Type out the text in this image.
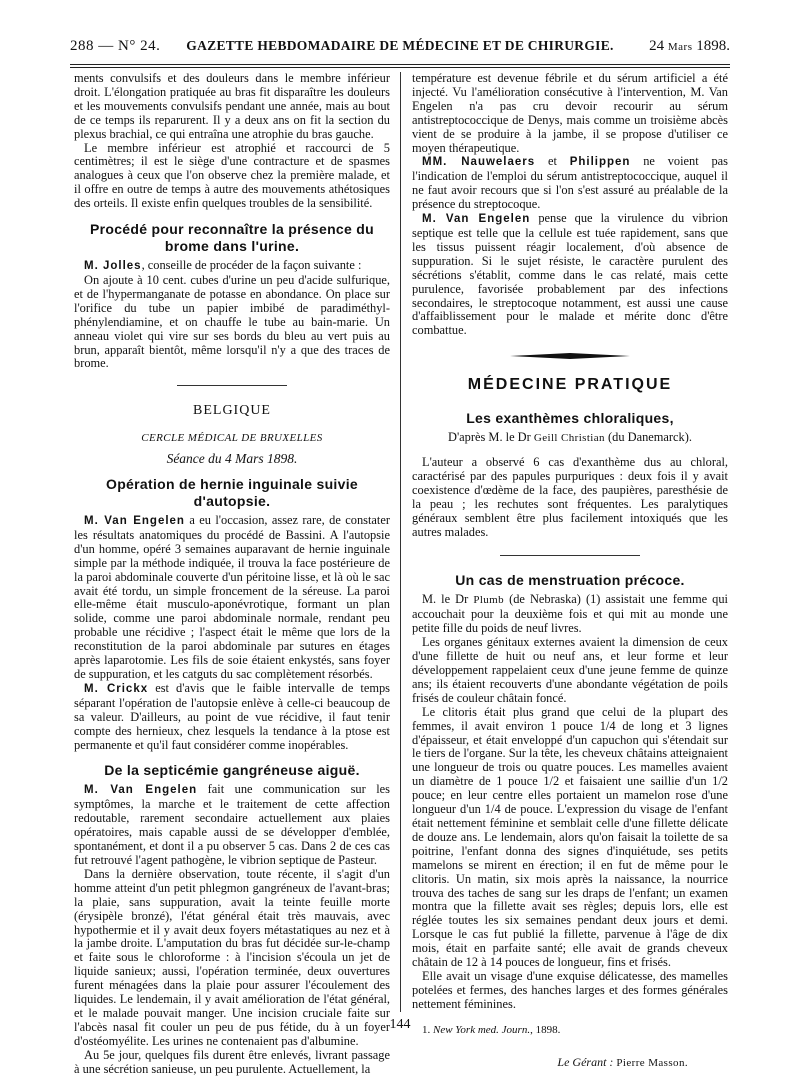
288 — N° 24.	GAZETTE HEBDOMADAIRE DE MÉDECINE ET DE CHIRURGIE.	24 Mars 1898.

ments convulsifs et des douleurs dans le membre inférieur droit. L'élongation pratiquée au bras fit disparaître les douleurs et les mouvements convulsifs pendant une année, mais au bout de ce temps ils reparurent. Il y a deux ans on fit la section du plexus brachial, ce qui entraîna une atrophie du bras gauche.

Le membre inférieur est atrophié et raccourci de 5 centimètres; il est le siège d'une contracture et de spasmes analogues à ceux que l'on observe chez la première malade, et il offre en outre de temps à autre des mouvements athétosiques des orteils. Il existe enfin quelques troubles de la sensibilité.

Procédé pour reconnaître la présence du brome dans l'urine.

M. Jolles, conseille de procéder de la façon suivante :

On ajoute à 10 cent. cubes d'urine un peu d'acide sulfurique, et de l'hypermanganate de potasse en abondance. On place sur l'orifice du tube un papier imbibé de paradiméthyl-phénylendiamine, et on chauffe le tube au bain-marie. Un anneau violet qui vire sur ses bords du bleu au vert puis au brun, apparaît bientôt, même lorsqu'il n'y a que des traces de brome.

BELGIQUE
CERCLE MÉDICAL DE BRUXELLES
Séance du 4 Mars 1898.
Opération de hernie inguinale suivie d'autopsie.

M. Van Engelen a eu l'occasion, assez rare, de constater les résultats anatomiques du procédé de Bassini. A l'autopsie d'un homme, opéré 3 semaines auparavant de hernie inguinale simple par la méthode indiquée, il trouva la face postérieure de la paroi abdominale couverte d'un péritoine lisse, et là où le sac avait été tordu, un simple froncement de la séreuse. La paroi elle-même était musculo-aponévrotique, formant un plan solide, comme une paroi abdominale normale, rendant peu probable une récidive ; l'aspect était le même que lors de la reconstitution de la paroi abdominale par sutures en étages après laparotomie. Les fils de soie étaient enkystés, sans foyer de suppuration, et les catguts du sac complètement résorbés.

M. Crickx est d'avis que le faible intervalle de temps séparant l'opération de l'autopsie enlève à celle-ci beaucoup de sa valeur. D'ailleurs, au point de vue récidive, il faut tenir compte des hernieux, chez lesquels la tendance à la ptose est permanente et qu'il faut considérer comme inopérables.

De la septicémie gangréneuse aiguë.

M. Van Engelen fait une communication sur les symptômes, la marche et le traitement de cette affection redoutable, rarement secondaire actuellement aux plaies opératoires, mais capable aussi de se développer d'emblée, spontanément, et dont il a pu observer 5 cas. Dans 2 de ces cas fut retrouvé l'agent pathogène, le vibrion septique de Pasteur.

Dans la dernière observation, toute récente, il s'agit d'un homme atteint d'un petit phlegmon gangréneux de l'avant-bras; la plaie, sans suppuration, avait la teinte feuille morte (érysipèle bronzé), l'état général était très mauvais, avec hypothermie et il y avait deux foyers métastatiques au nez et à la jambe droite. L'amputation du bras fut décidée sur-le-champ et faite sous le chloroforme : à l'incision s'écoula un jet de liquide sanieux; aussi, l'opération terminée, deux ouvertures furent ménagées dans la plaie pour assurer l'écoulement des liquides. Le lendemain, il y avait amélioration de l'état général, et le malade pouvait manger. Une incision cruciale faite sur l'abcès nasal fit couler un peu de pus fétide, du à un foyer d'ostéomyélite. Les urines ne contenaient pas d'albumine.

Au 5e jour, quelques fils durent être enlevés, livrant passage à une sécrétion sanieuse, un peu purulente. Actuellement, la

température est devenue fébrile et du sérum artificiel a été injecté. Vu l'amélioration consécutive à l'intervention, M. Van Engelen n'a pas cru devoir recourir au sérum antistreptococcique de Denys, mais comme un troisième abcès vient de se produire à la jambe, il se propose d'utiliser ce moyen thérapeutique.

MM. Nauwelaers et Philippen ne voient pas l'indication de l'emploi du sérum antistreptococcique, auquel il ne faut avoir recours que si l'on s'est assuré au préalable de la présence du streptocoque.

M. Van Engelen pense que la virulence du vibrion septique est telle que la cellule est tuée rapidement, sans que les tissus puissent réagir localement, d'où absence de suppuration. Si le sujet résiste, le caractère purulent des sécrétions s'établit, comme dans le cas relaté, mais cette purulence, favorisée probablement par des infections secondaires, le streptocoque notamment, est aussi une cause d'affaiblissement pour le malade et mérite donc d'être combattue.

MÉDECINE PRATIQUE
Les exanthèmes chloraliques,
D'après M. le Dr Geill Christian (du Danemarck).

L'auteur a observé 6 cas d'exanthème dus au chloral, caractérisé par des papules purpuriques : deux fois il y avait coexistence d'œdème de la face, des paupières, paresthésie de la peau ; les rechutes sont fréquentes. Les paralytiques généraux semblent être plus facilement intoxiqués que les autres malades.

Un cas de menstruation précoce.

M. le Dr Plumb (de Nebraska) (1) assistait une femme qui accouchait pour la deuxième fois et qui mit au monde une petite fille du poids de neuf livres.

Les organes génitaux externes avaient la dimension de ceux d'une fillette de huit ou neuf ans, et leur forme et leur développement rappelaient ceux d'une jeune femme de quinze ans; ils étaient recouverts d'une abondante végétation de poils frisés de couleur châtain foncé.

Le clitoris était plus grand que celui de la plupart des femmes, il avait environ 1 pouce 1/4 de long et 3 lignes d'épaisseur, et était enveloppé d'un capuchon qui s'étendait sur le tiers de l'organe. Sur la tête, les cheveux châtains atteignaient une longueur de trois ou quatre pouces. Les mamelles avaient un diamètre de 1 pouce 1/2 et faisaient une saillie d'un 1/2 pouce; en leur centre elles portaient un mamelon rose d'une longueur d'un 1/4 de pouce. L'expression du visage de l'enfant était nettement féminine et semblait celle d'une fillette délicate de douze ans. Le lendemain, alors qu'on faisait la toilette de sa poitrine, l'enfant donna des signes d'inquiétude, ses petits mamelons se mirent en érection; il en fut de même pour le clitoris. Un matin, six mois après la naissance, la nourrice trouva des taches de sang sur les draps de l'enfant; un examen montra que la fillette avait ses règles; depuis lors, elle est réglée toutes les six semaines pendant deux jours et demi. Lorsque le cas fut publié la fillette, parvenue à l'âge de dix mois, était en parfaite santé; elle avait de grands cheveux châtain de 12 à 14 pouces de longueur, fins et frisés.

Elle avait un visage d'une exquise délicatesse, des mamelles potelées et fermes, des hanches larges et des formes générales nettement féminines.

1. New York med. Journ., 1898.
Le Gérant : Pierre Masson.
144
